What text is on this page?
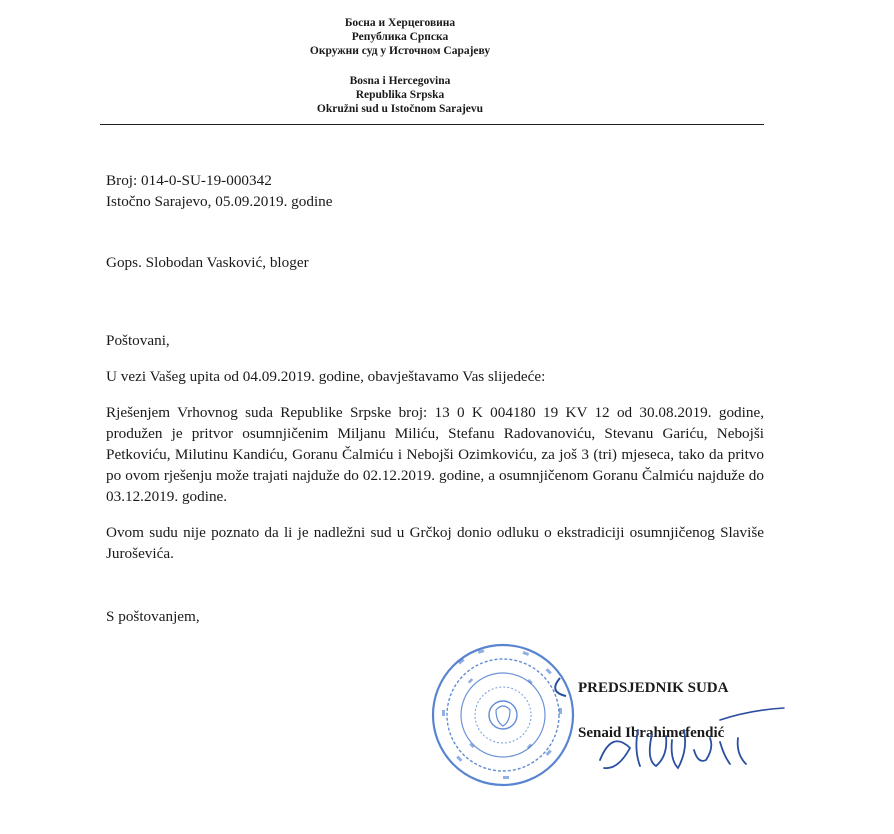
Босна и Херцеговина
Република Српска
Окружни суд у Источном Сарајеву
Bosna i Hercegovina
Republika Srpska
Okružni sud u Istočnom Sarajevu
Broj: 014-0-SU-19-000342
Istočno Sarajevo, 05.09.2019. godine
Gops. Slobodan Vasković, bloger
Poštovani,
U vezi Vašeg upita od 04.09.2019. godine, obavještavamo Vas slijedeće:
Rješenjem Vrhovnog suda Republike Srpske broj: 13 0 K 004180 19 KV 12 od 30.08.2019. godine, produžen je pritvor osumnjičenim Miljanu Miliću, Stefanu Radovanoviću, Stevanu Gariću, Nebojši Petkoviću, Milutinu Kandiću, Goranu Čalmiću i Nebojši Ozimkoviću, za još 3 (tri) mjeseca, tako da pritvo po ovom rješenju može trajati najduže do 02.12.2019. godine, a osumnjičenom Goranu Čalmiću najduže do 03.12.2019. godine.
Ovom sudu nije poznato da li je nadležni sud u Grčkoj donio odluku o ekstradiciji osumnjičenog Slaviše Juroševića.
S poštovanjem,
PREDSJEDNIK SUDA
Senaid Ibrahimefendić
